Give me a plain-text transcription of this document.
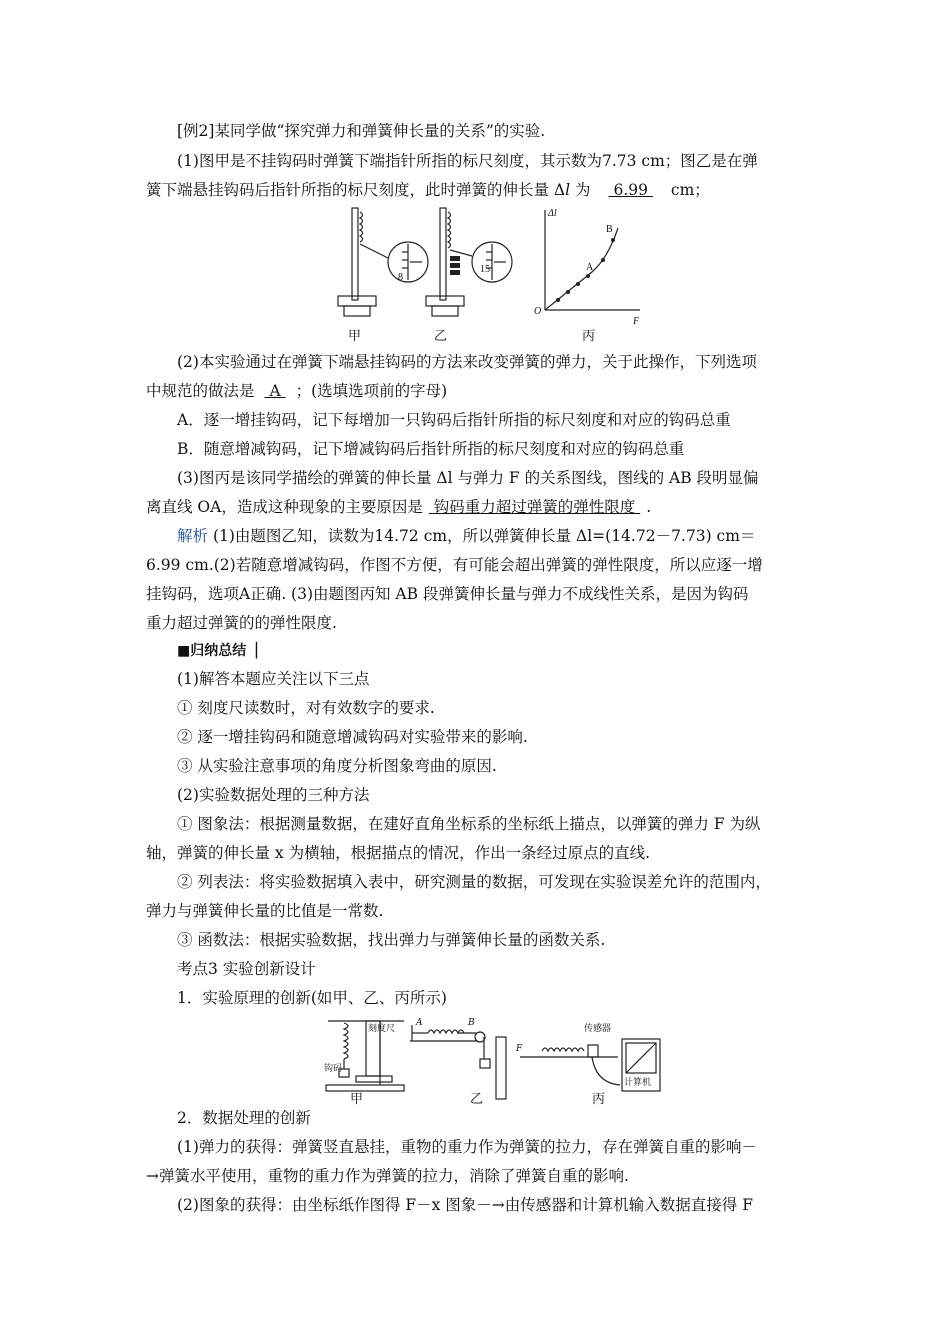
[例2]某同学做“探究弹力和弹簧伸长量的关系”的实验.
(1)图甲是不挂钩码时弹簧下端指针所指的标尺刻度，其示数为7.73 cm；图乙是在弹
簧下端悬挂钩码后指针所指的标尺刻度，此时弹簧的伸长量 Δl 为 6.99 cm；
Δl
F
O
A
B
8
15
甲	乙	丙
(2)本实验通过在弹簧下端悬挂钩码的方法来改变弹簧的弹力，关于此操作，下列选项
中规范的做法是 A ；(选填选项前的字母)
A．逐一增挂钩码，记下每增加一只钩码后指针所指的标尺刻度和对应的钩码总重
B．随意增减钩码，记下增减钩码后指针所指的标尺刻度和对应的钩码总重
(3)图丙是该同学描绘的弹簧的伸长量 Δl 与弹力 F 的关系图线，图线的 AB 段明显偏
离直线 OA，造成这种现象的主要原因是 钩码重力超过弹簧的弹性限度 .
解析 (1)由题图乙知，读数为14.72 cm，所以弹簧伸长量 Δl=(14.72－7.73) cm＝
6.99 cm.(2)若随意增减钩码，作图不方便，有可能会超出弹簧的弹性限度，所以应逐一增
挂钩码，选项A正确. (3)由题图丙知 AB 段弹簧伸长量与弹力不成线性关系，是因为钩码
重力超过弹簧的的弹性限度.
■归纳总结▕
(1)解答本题应关注以下三点
① 刻度尺读数时，对有效数字的要求.
② 逐一增挂钩码和随意增减钩码对实验带来的影响.
③ 从实验注意事项的角度分析图象弯曲的原因.
(2)实验数据处理的三种方法
① 图象法：根据测量数据，在建好直角坐标系的坐标纸上描点，以弹簧的弹力 F 为纵
轴，弹簧的伸长量 x 为横轴，根据描点的情况，作出一条经过原点的直线.
② 列表法：将实验数据填入表中，研究测量的数据，可发现在实验误差允许的范围内，
弹力与弹簧伸长量的比值是一常数.
③ 函数法：根据实验数据，找出弹力与弹簧伸长量的函数关系.
考点3 实验创新设计
1．实验原理的创新(如甲、乙、丙所示)
刻度尺
钩码
A	B
传感器
计算机
F
甲	乙	丙
2．数据处理的创新
(1)弹力的获得：弹簧竖直悬挂，重物的重力作为弹簧的拉力，存在弹簧自重的影响－
→弹簧水平使用，重物的重力作为弹簧的拉力，消除了弹簧自重的影响.
(2)图象的获得：由坐标纸作图得 F－x 图象－→由传感器和计算机输入数据直接得 F
